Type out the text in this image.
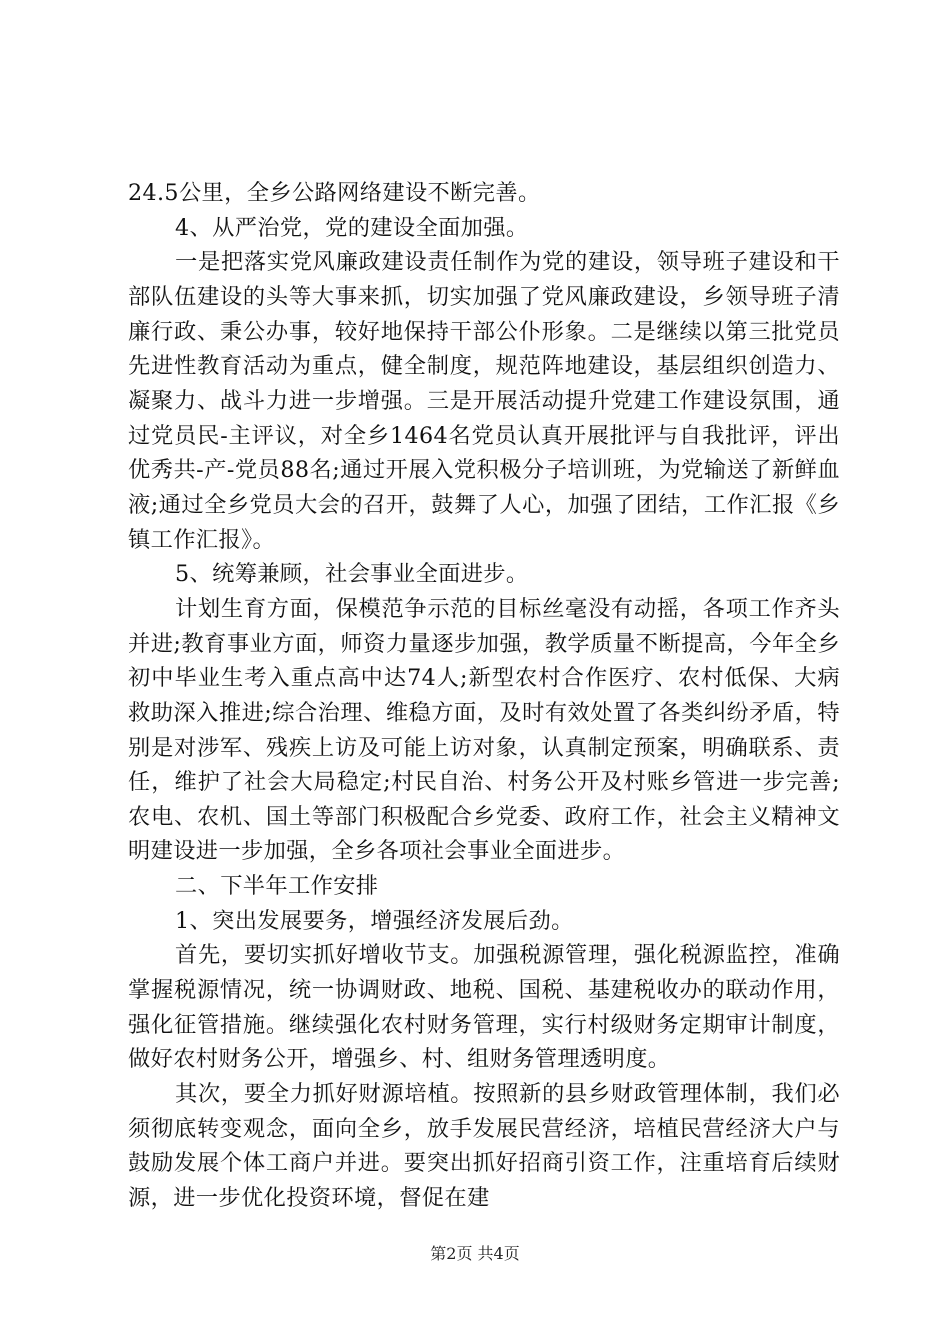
24.5公里，全乡公路网络建设不断完善。

4、从严治党，党的建设全面加强。

一是把落实党风廉政建设责任制作为党的建设，领导班子建设和干部队伍建设的头等大事来抓，切实加强了党风廉政建设，乡领导班子清廉行政、秉公办事，较好地保持干部公仆形象。二是继续以第三批党员先进性教育活动为重点，健全制度，规范阵地建设，基层组织创造力、凝聚力、战斗力进一步增强。三是开展活动提升党建工作建设氛围，通过党员民-主评议，对全乡1464名党员认真开展批评与自我批评，评出优秀共-产-党员88名;通过开展入党积极分子培训班，为党输送了新鲜血液;通过全乡党员大会的召开，鼓舞了人心，加强了团结，工作汇报《乡镇工作汇报》。

5、统筹兼顾，社会事业全面进步。

计划生育方面，保模范争示范的目标丝毫没有动摇，各项工作齐头并进;教育事业方面，师资力量逐步加强，教学质量不断提高，今年全乡初中毕业生考入重点高中达74人;新型农村合作医疗、农村低保、大病救助深入推进;综合治理、维稳方面，及时有效处置了各类纠纷矛盾，特别是对涉军、残疾上访及可能上访对象，认真制定预案，明确联系、责任，维护了社会大局稳定;村民自治、村务公开及村账乡管进一步完善;农电、农机、国土等部门积极配合乡党委、政府工作，社会主义精神文明建设进一步加强，全乡各项社会事业全面进步。

二、下半年工作安排

1、突出发展要务，增强经济发展后劲。

首先，要切实抓好增收节支。加强税源管理，强化税源监控，准确掌握税源情况，统一协调财政、地税、国税、基建税收办的联动作用，强化征管措施。继续强化农村财务管理，实行村级财务定期审计制度，做好农村财务公开，增强乡、村、组财务管理透明度。

其次，要全力抓好财源培植。按照新的县乡财政管理体制，我们必须彻底转变观念，面向全乡，放手发展民营经济，培植民营经济大户与鼓励发展个体工商户并进。要突出抓好招商引资工作，注重培育后续财源，进一步优化投资环境，督促在建

第2页 共4页
